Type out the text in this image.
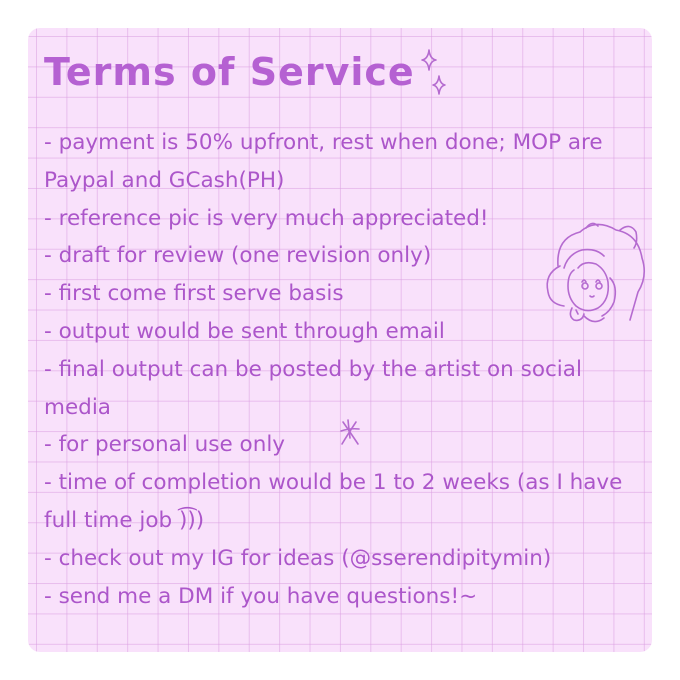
Terms of Service
- payment is 50% upfront, rest when done; MOP are Paypal and GCash(PH)
- reference pic is very much appreciated!
- draft for review (one revision only)
- first come first serve basis
- output would be sent through email
- final output can be posted by the artist on social media
- for personal use only
- time of completion would be 1 to 2 weeks (as I have full time job )͡))
- check out my IG for ideas (@sserendipitymin)
- send me a DM if you have questions!~
